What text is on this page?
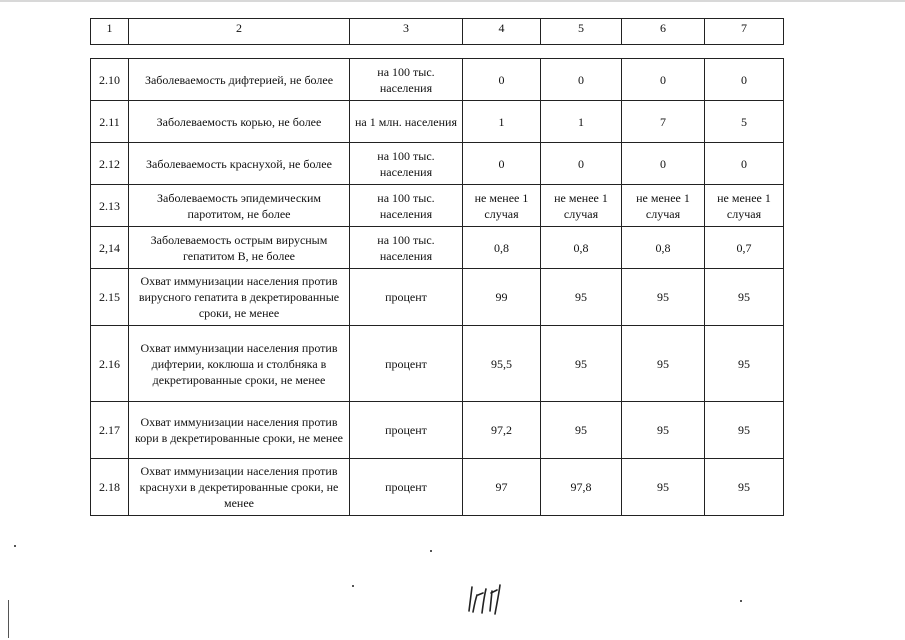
1	2	3	4	5	6	7
2.10	Заболеваемость дифтерией, не более	на 100 тыс. населения	0	0	0	0
2.11	Заболеваемость корью, не более	на 1 млн. населения	1	1	7	5
2.12	Заболеваемость краснухой, не более	на 100 тыс. населения	0	0	0	0
2.13	Заболеваемость эпидемическим паротитом, не более	на 100 тыс. населения	не менее 1 случая	не менее 1 случая	не менее 1 случая	не менее 1 случая
2,14	Заболеваемость острым вирусным гепатитом В, не более	на 100 тыс. населения	0,8	0,8	0,8	0,7
2.15	Охват иммунизации населения против вирусного гепатита в декретированные сроки, не менее	процент	99	95	95	95
2.16	Охват иммунизации населения против дифтерии, коклюша и столбняка в декретированные сроки, не менее	процент	95,5	95	95	95
2.17	Охват иммунизации населения против кори в декретированные сроки, не менее	процент	97,2	95	95	95
2.18	Охват иммунизации населения против краснухи в декретированные сроки, не менее	процент	97	97,8	95	95
